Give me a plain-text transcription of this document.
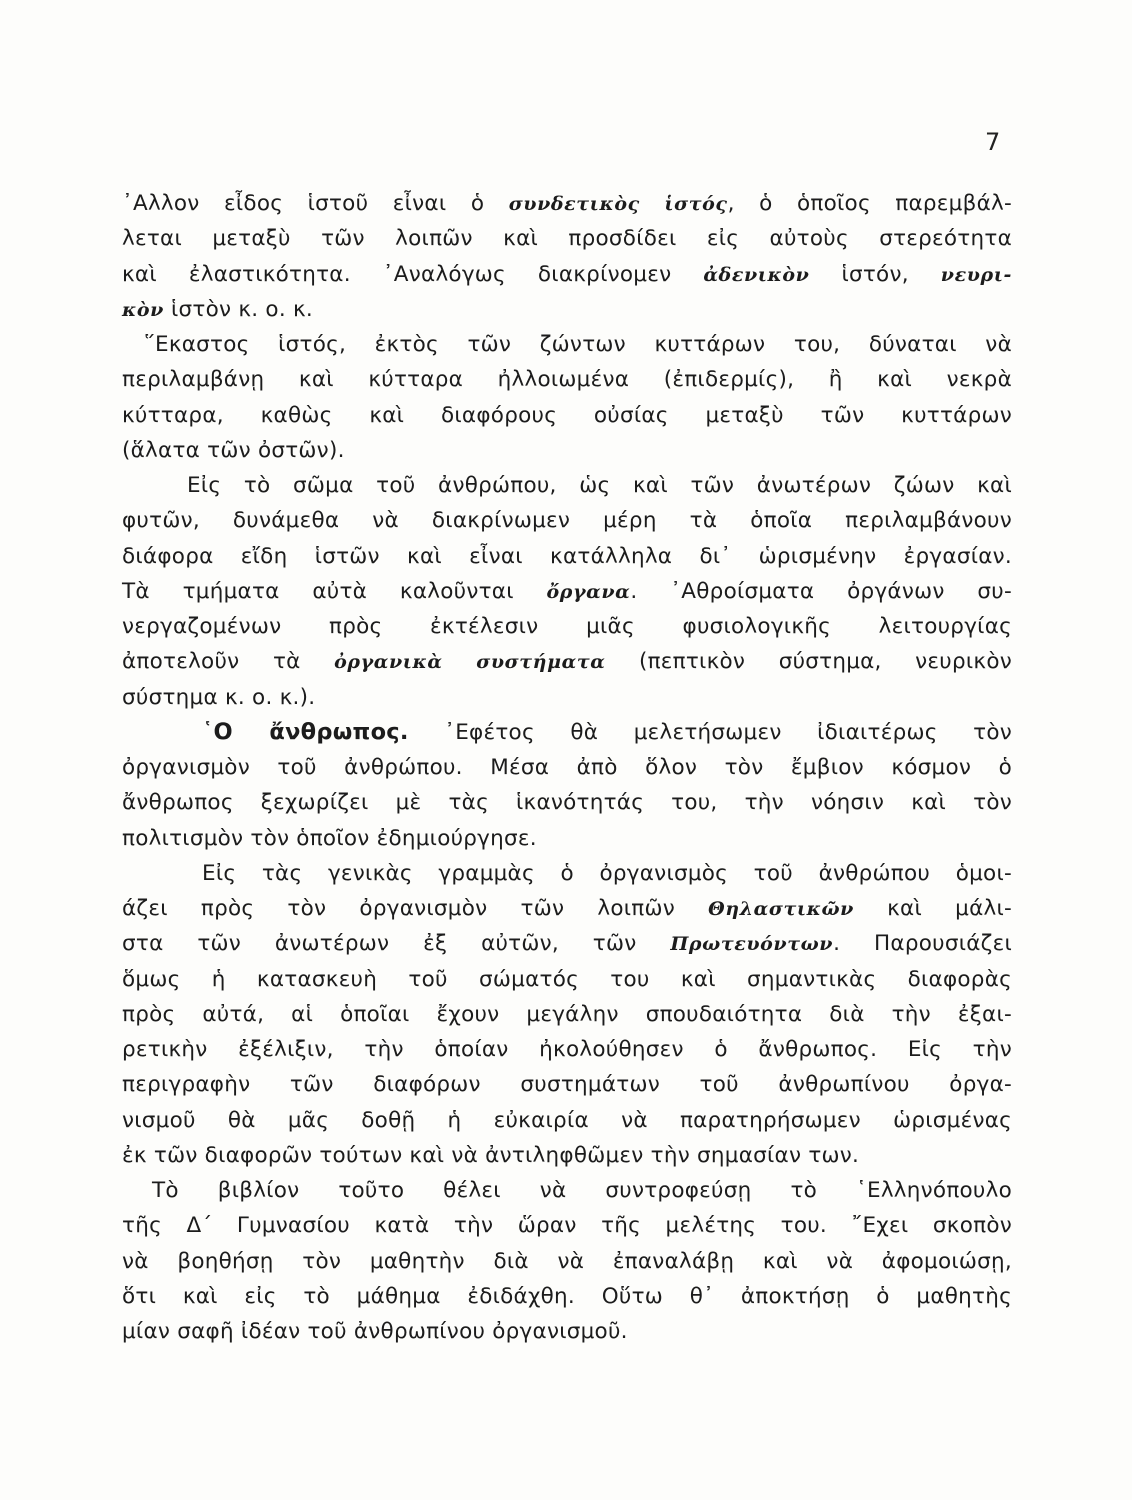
7
᾿Αλλον εἶδος ἱστοῦ εἶναι ὁ συνδετικὸς ἱστός, ὁ ὁποῖος παρεμβάλ-
λεται μεταξὺ τῶν λοιπῶν καὶ προσδίδει εἰς αὐτοὺς στερεότητα
καὶ ἐλαστικότητα. ᾿Αναλόγως διακρίνομεν ἀδενικὸν ἱστόν, νευρι-
κὸν ἱστὸν κ. ο. κ.
῞Εκαστος ἱστός, ἐκτὸς τῶν ζώντων κυττάρων του, δύναται νὰ
περιλαμβάνῃ καὶ κύτταρα ἠλλοιωμένα (ἐπιδερμίς), ἢ καὶ νεκρὰ
κύτταρα, καθὼς καὶ διαφόρους οὐσίας μεταξὺ τῶν κυττάρων
(ἅλατα τῶν ὀστῶν).
Εἰς τὸ σῶμα τοῦ ἀνθρώπου, ὡς καὶ τῶν ἀνωτέρων ζώων καὶ
φυτῶν, δυνάμεθα νὰ διακρίνωμεν μέρη τὰ ὁποῖα περιλαμβάνουν
διάφορα εἴδη ἱστῶν καὶ εἶναι κατάλληλα δι᾿ ὡρισμένην ἐργασίαν.
Τὰ τμήματα αὐτὰ καλοῦνται ὄργανα. ᾿Αθροίσματα ὀργάνων συ-
νεργαζομένων πρὸς ἐκτέλεσιν μιᾶς φυσιολογικῆς λειτουργίας
ἀποτελοῦν τὰ ὀργανικὰ συστήματα (πεπτικὸν σύστημα, νευρικὸν
σύστημα κ. ο. κ.).
῾Ο ἄνθρωπος. ᾿Εφέτος θὰ μελετήσωμεν ἰδιαιτέρως τὸν
ὀργανισμὸν τοῦ ἀνθρώπου. Μέσα ἀπὸ ὅλον τὸν ἔμβιον κόσμον ὁ
ἄνθρωπος ξεχωρίζει μὲ τὰς ἱκανότητάς του, τὴν νόησιν καὶ τὸν
πολιτισμὸν τὸν ὁποῖον ἐδημιούργησε.
Εἰς τὰς γενικὰς γραμμὰς ὁ ὀργανισμὸς τοῦ ἀνθρώπου ὁμοι-
άζει πρὸς τὸν ὀργανισμὸν τῶν λοιπῶν Θηλαστικῶν καὶ μάλι-
στα τῶν ἀνωτέρων ἐξ αὐτῶν, τῶν Πρωτευόντων. Παρουσιάζει
ὅμως ἡ κατασκευὴ τοῦ σώματός του καὶ σημαντικὰς διαφορὰς
πρὸς αὐτά, αἱ ὁποῖαι ἔχουν μεγάλην σπουδαιότητα διὰ τὴν ἐξαι-
ρετικὴν ἐξέλιξιν, τὴν ὁποίαν ἠκολούθησεν ὁ ἄνθρωπος. Εἰς τὴν
περιγραφὴν τῶν διαφόρων συστημάτων τοῦ ἀνθρωπίνου ὀργα-
νισμοῦ θὰ μᾶς δοθῇ ἡ εὐκαιρία νὰ παρατηρήσωμεν ὡρισμένας
ἐκ τῶν διαφορῶν τούτων καὶ νὰ ἀντιληφθῶμεν τὴν σημασίαν των.
Τὸ βιβλίον τοῦτο θέλει νὰ συντροφεύσῃ τὸ ῾Ελληνόπουλο
τῆς Δ΄ Γυμνασίου κατὰ τὴν ὥραν τῆς μελέτης του. ῎Εχει σκοπὸν
νὰ βοηθήσῃ τὸν μαθητὴν διὰ νὰ ἐπαναλάβῃ καὶ νὰ ἀφομοιώσῃ,
ὅτι καὶ εἰς τὸ μάθημα ἐδιδάχθη. Οὕτω θ᾿ ἀποκτήσῃ ὁ μαθητὴς
μίαν σαφῆ ἰδέαν τοῦ ἀνθρωπίνου ὀργανισμοῦ.
